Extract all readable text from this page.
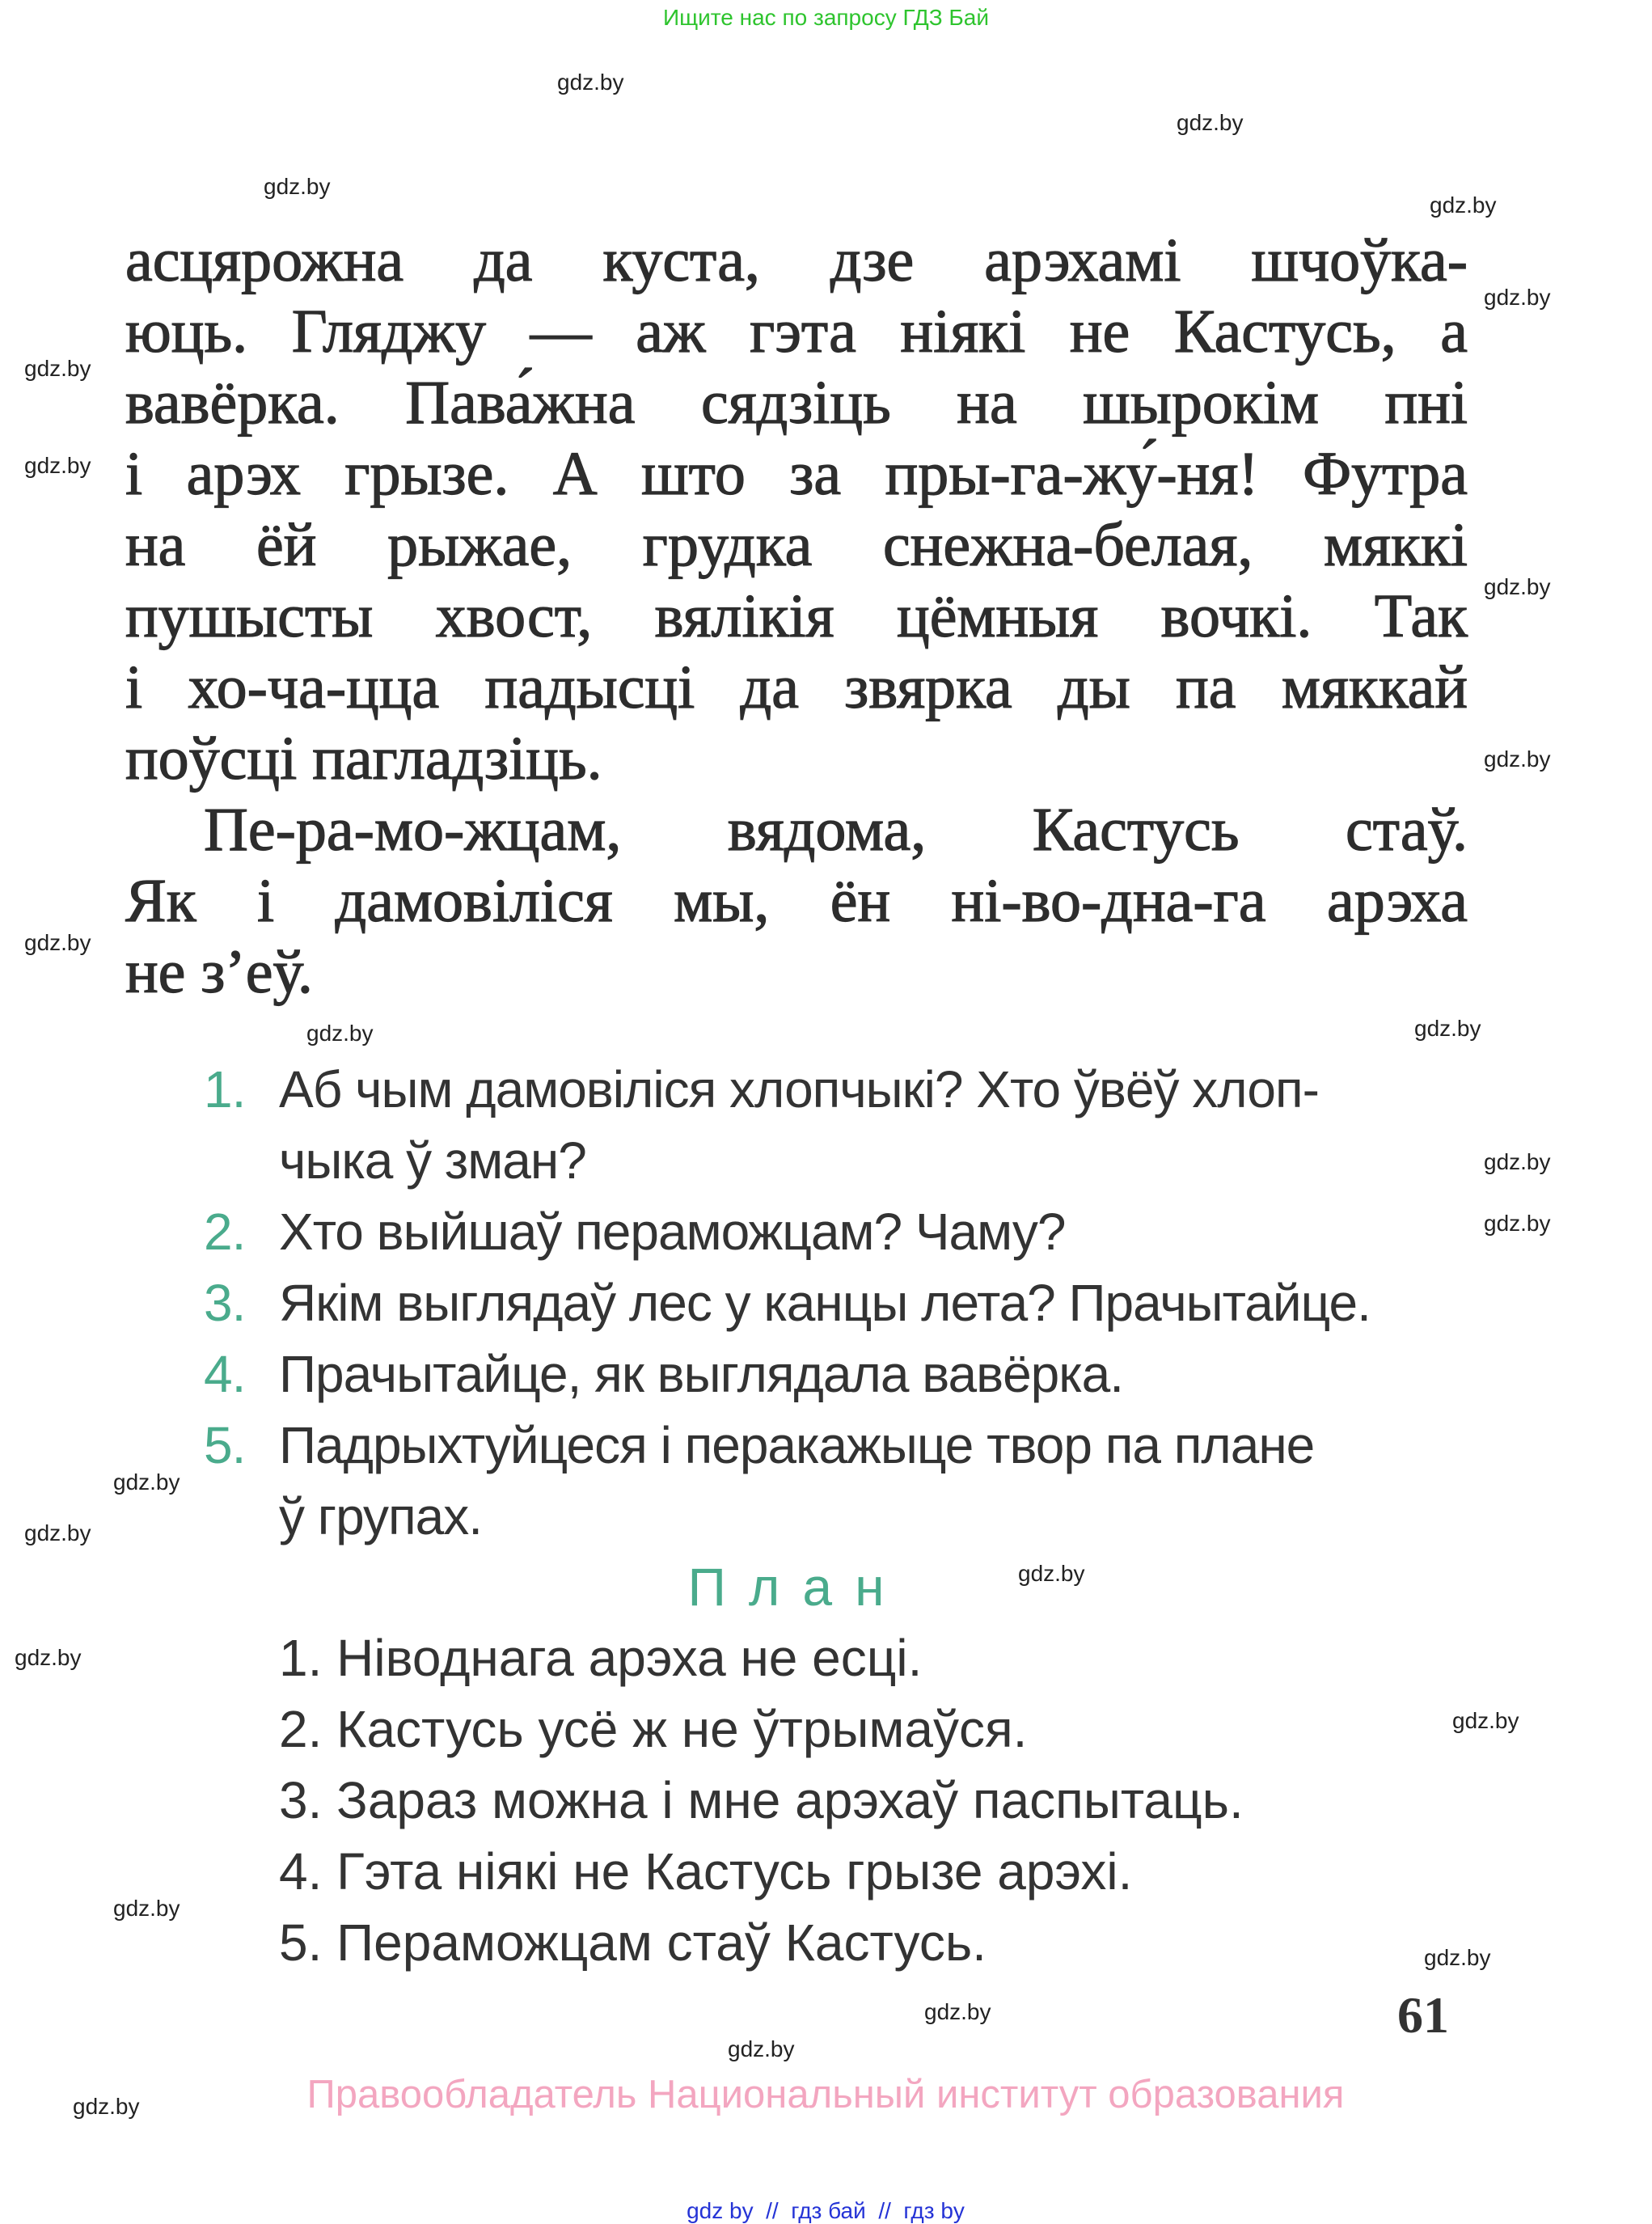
Ищите нас по запросу ГДЗ Бай
асцярожна да куста, дзе арэхамі шчоўка-
юць. Гляджу — аж гэта ніякі не Кастусь, а
вавёрка. Пава́жна сядзіць на шырокім пні
і арэх грызе. А што за пры-га-жу́-ня! Футра
на ёй рыжае, грудка снежна-белая, мяккі
пушысты хвост, вялікія цёмныя вочкі. Так
і хо-ча-цца падысці да звярка ды па мяккай
поўсці пагладзіць.
Пе-ра-мо-жцам, вядома, Кастусь стаў.
Як і дамовіліся мы, ён ні-во-дна-га арэха
не з’еў.
1. Аб чым дамовіліся хлопчыкі? Хто ўвёў хлоп-
чыка ў зман?
2. Хто выйшаў пераможцам? Чаму?
3. Якім выглядаў лес у канцы лета? Прачытайце.
4. Прачытайце, як выглядала вавёрка.
5. Падрыхтуйцеся і перакажыце твор па плане
ў групах.
План
1. Ніводнага арэха не есці.
2. Кастусь усё ж не ўтрымаўся.
3. Зараз можна і мне арэхаў паспытаць.
4. Гэта ніякі не Кастусь грызе арэхі.
5. Пераможцам стаў Кастусь.
61
Правообладатель Национальный институт образования
gdz by  //  гдз бай  //  гдз by
gdz.by
gdz.by
gdz.by
gdz.by
gdz.by
gdz.by
gdz.by
gdz.by
gdz.by
gdz.by
gdz.by
gdz.by
gdz.by
gdz.by
gdz.by
gdz.by
gdz.by
gdz.by
gdz.by
gdz.by
gdz.by
gdz.by
gdz.by
gdz.by
